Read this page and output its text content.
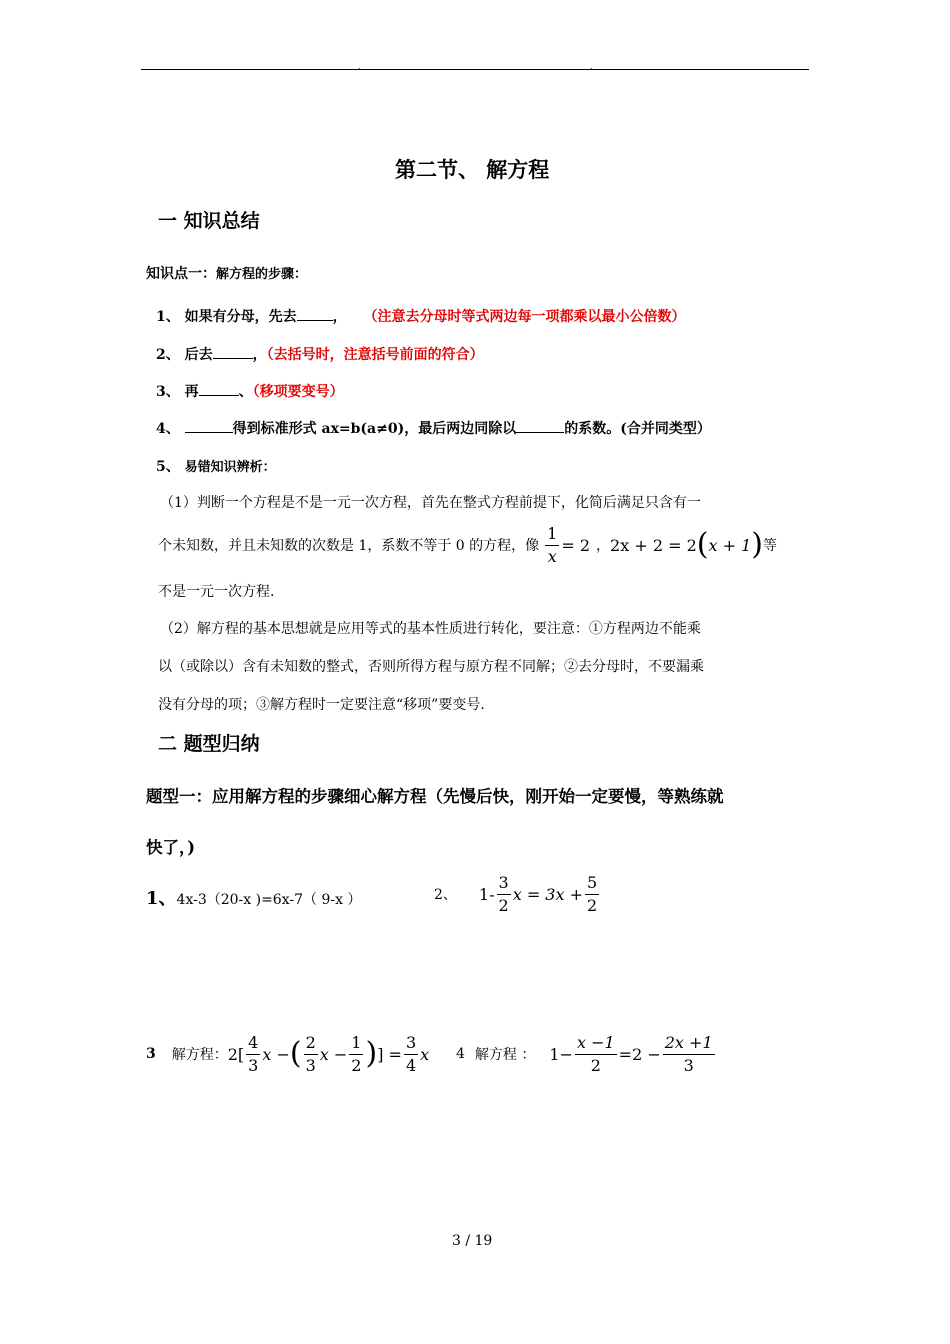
.	.
第二节、 解方程
一 知识总结
知识点一：解方程的步骤：
1、 如果有分母，先去	， （注意去分母时等式两边每一项都乘以最小公倍数）
2、 后去	，（去括号时，注意括号前面的符合）
3、 再	、（移项要变号）
4、	得到标准形式 ax=b(a≠0)，最后两边同除以	的系数。(合并同类型）
5、 易错知识辨析：
（1）判断一个方程是不是一元一次方程，首先在整式方程前提下，化简后满足只含有一
个未知数，并且未知数的次数是 1，系数不等于 0 的方程，像 $\frac{1}{x} = 2$ ， 2x + 2 = 2 ( x + 1 ) 等
不是一元一次方程.
（2）解方程的基本思想就是应用等式的基本性质进行转化，要注意：①方程两边不能乘
以（或除以）含有未知数的整式，否则所得方程与原方程不同解；②去分母时，不要漏乘
没有分母的项；③解方程时一定要注意“移项”要变号.
二 题型归纳
题型一：应用解方程的步骤细心解方程（先慢后快，刚开始一定要慢，等熟练就
快了，)
1、4x-3（20-x )=6x-7（ 9-x ）	2、 $1- \frac{3}{2}$ $x = 3x + \frac{5}{2}$
3 解方程： $2[ \frac{4}{3}$ x − ( $\frac{2}{3}$ $x - \frac{1}{2}$ ) ] = $\frac{3}{4}$ x 4 解方程 ： $1- \frac{x -1}{2} =2 - \frac{2x +1}{3}$
3 / 19
